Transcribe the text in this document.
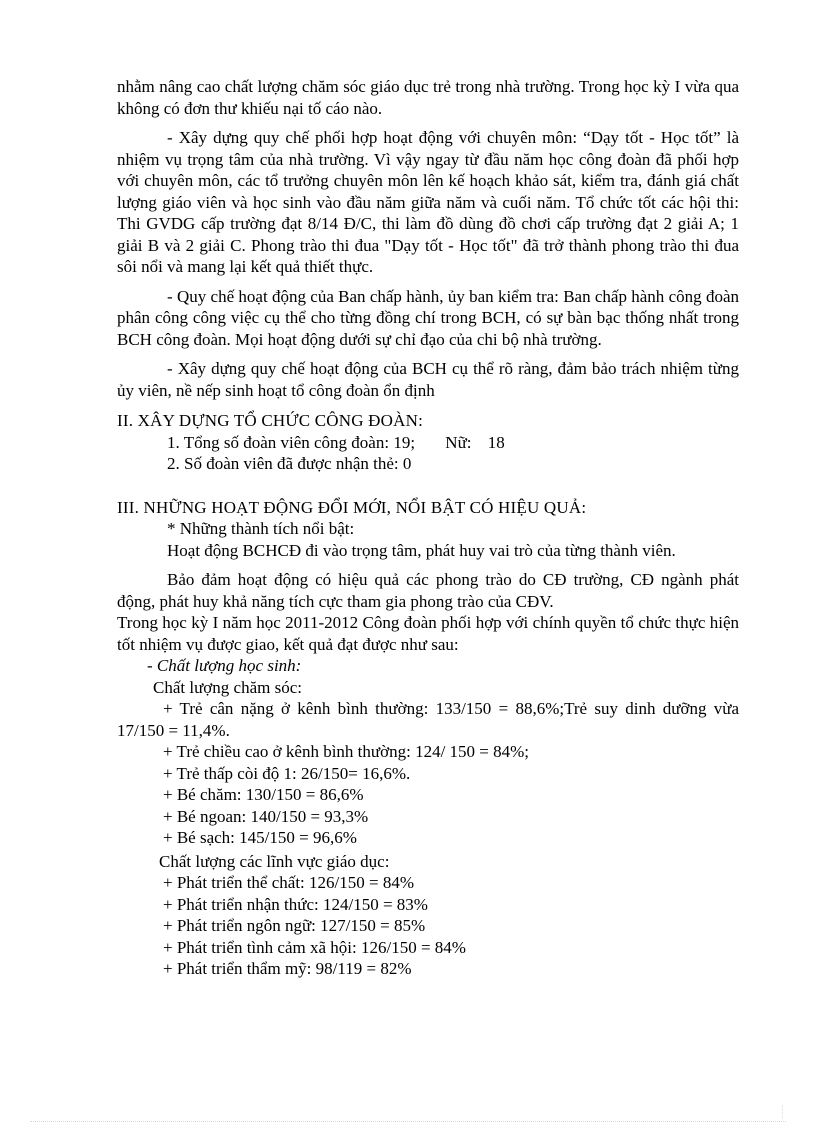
nhằm nâng cao chất lượng chăm sóc giáo dục trẻ trong nhà trường. Trong học kỳ I vừa qua không có đơn thư khiếu nại tố cáo nào.

- Xây dựng quy chế phối hợp hoạt động với chuyên môn: “Dạy tốt - Học tốt” là nhiệm vụ trọng tâm của nhà trường. Vì vậy ngay từ đầu năm học công đoàn đã phối hợp với chuyên môn, các tổ trưởng chuyên môn lên kế hoạch khảo sát, kiểm tra, đánh giá chất lượng giáo viên và học sinh vào đầu năm giữa năm và cuối năm. Tổ chức tốt các hội thi: Thi GVDG cấp trường đạt 8/14 Đ/C, thi làm đồ dùng đồ chơi cấp trường đạt 2 giải A; 1 giải B và 2 giải C. Phong trào thi đua "Dạy tốt - Học tốt" đã trở thành phong trào thi đua sôi nổi và mang lại kết quả thiết thực.

- Quy chế hoạt động của Ban chấp hành, ủy ban kiểm tra: Ban chấp hành công đoàn phân công công việc cụ thể cho từng đồng chí trong BCH, có sự bàn bạc thống nhất trong BCH công đoàn. Mọi hoạt động dưới sự chỉ đạo của chi bộ nhà trường.

- Xây dựng quy chế hoạt động của BCH cụ thể rõ ràng, đảm bảo trách nhiệm từng ủy viên, nề nếp sinh hoạt tổ công đoàn ổn định

II. XÂY DỰNG TỔ CHỨC CÔNG ĐOÀN:

1. Tổng số đoàn viên công đoàn: 19; Nữ: 18

2. Số đoàn viên đã được nhận thẻ: 0

III. NHỮNG HOẠT ĐỘNG ĐỔI MỚI, NỔI BẬT CÓ HIỆU QUẢ:

* Những thành tích nổi bật:

Hoạt động BCHCĐ đi vào trọng tâm, phát huy vai trò của từng thành viên.

Bảo đảm hoạt động có hiệu quả các phong trào do CĐ trường, CĐ ngành phát động, phát huy khả năng tích cực tham gia phong trào của CĐV.

Trong học kỳ I năm học 2011-2012 Công đoàn phối hợp với chính quyền tổ chức thực hiện tốt nhiệm vụ được giao, kết quả đạt được như sau:

- Chất lượng học sinh:

Chất lượng chăm sóc:

+ Trẻ cân nặng ở kênh bình thường: 133/150 = 88,6%;Trẻ suy dinh dưỡng vừa 17/150 = 11,4%.

+ Trẻ chiều cao ở kênh bình thường: 124/ 150 = 84%;

+ Trẻ thấp còi độ 1: 26/150= 16,6%.

+ Bé chăm: 130/150 = 86,6%

+ Bé ngoan: 140/150 = 93,3%

+ Bé sạch: 145/150 = 96,6%

Chất lượng các lĩnh vực giáo dục:

+ Phát triển thể chất: 126/150 = 84%

+ Phát triển nhận thức: 124/150 = 83%

+ Phát triển ngôn ngữ: 127/150 = 85%

+ Phát triển tình cảm xã hội: 126/150 = 84%

+ Phát triển thẩm mỹ: 98/119 = 82%
